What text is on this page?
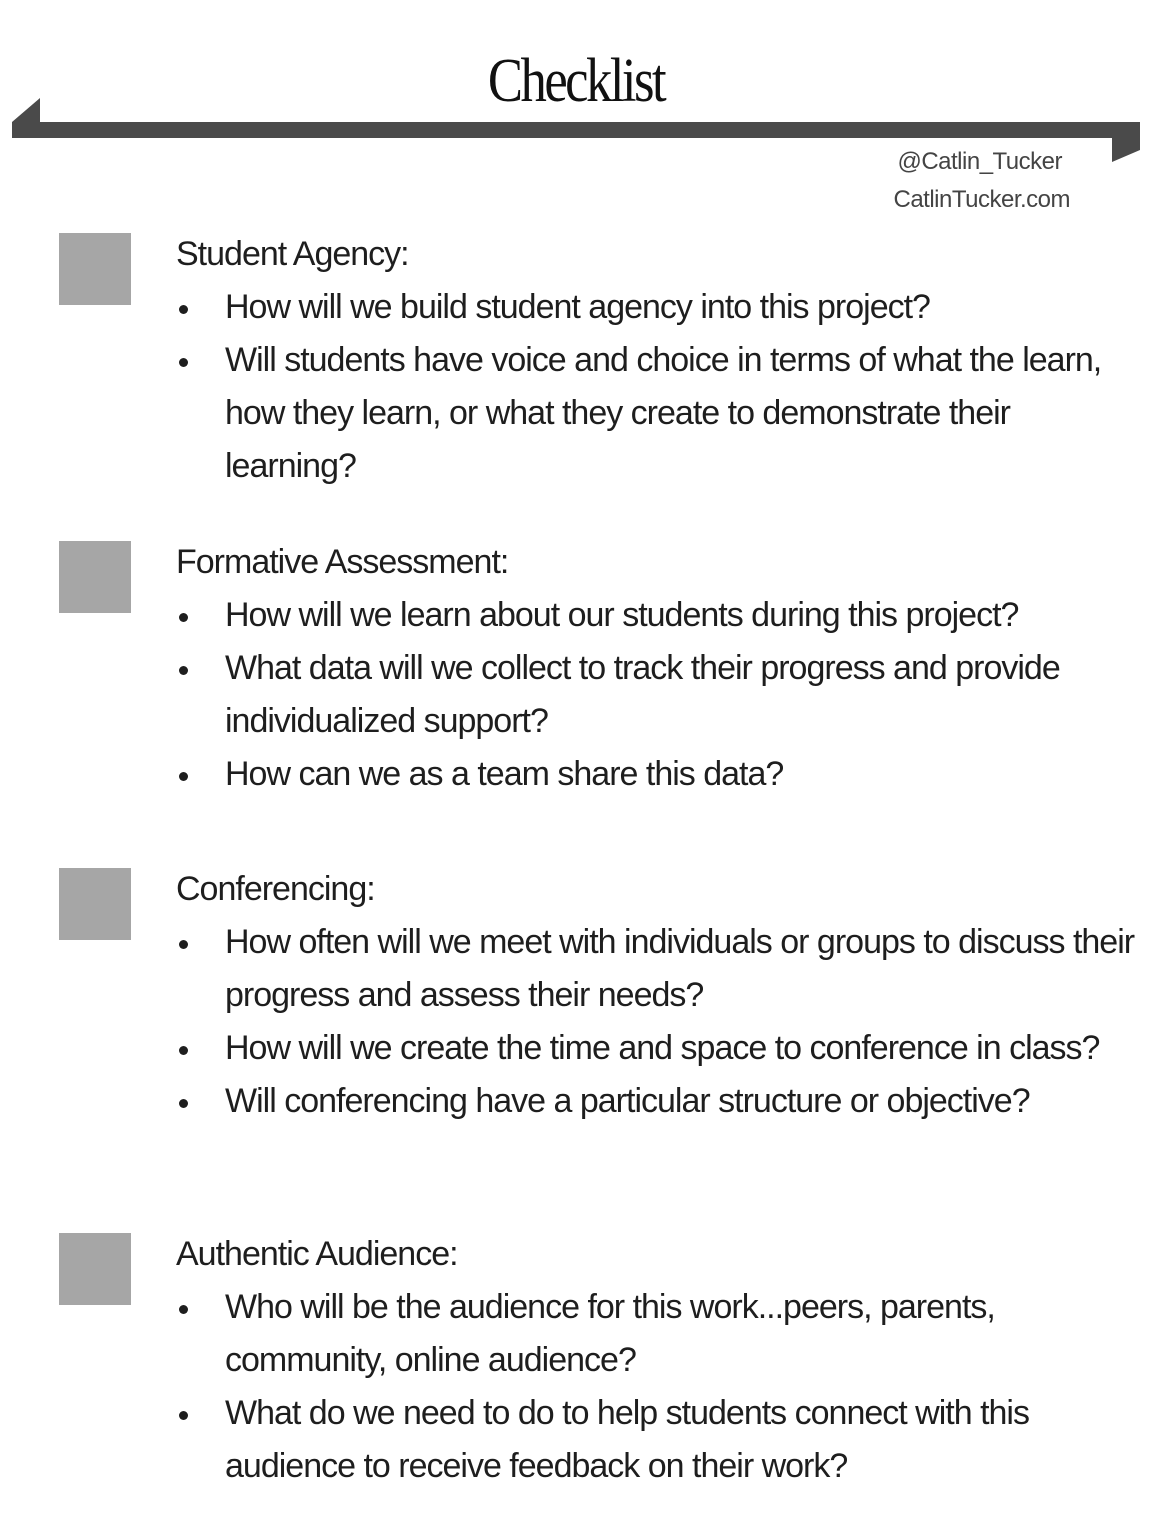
Checklist
@Catlin_Tucker
CatlinTucker.com
Student Agency:
How will we build student agency into this project?
Will students have voice and choice in terms of what the learn, how they learn, or what they create to demonstrate their learning?
Formative Assessment:
How will we learn about our students during this project?
What data will we collect to track their progress and provide individualized support?
How can we as a team share this data?
Conferencing:
How often will we meet with individuals or groups to discuss their progress and assess their needs?
How will we create the time and space to conference in class?
Will conferencing have a particular structure or objective?
Authentic Audience:
Who will be the audience for this work...peers, parents, community, online audience?
What do we need to do to help students connect with this audience to receive feedback on their work?
